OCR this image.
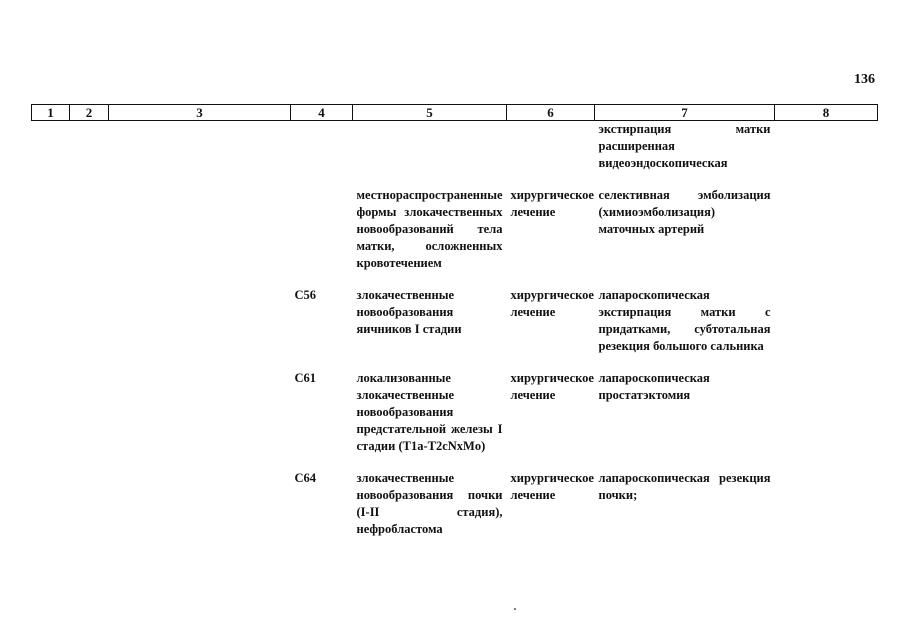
136
1	2	3	4	5	6	7	8
						экстирпация матки расширенная видеоэндоскопическая	

				местнораспространенные формы злокачественных новообразований тела матки, осложненных кровотечением	хирургическое лечение	селективная эмболизация (химиоэмболизация) маточных артерий	

			C56	злокачественные новообразования яичников I стадии	хирургическое лечение	лапароскопическая экстирпация матки с придатками, субтотальная резекция большого сальника	

			C61	локализованные злокачественные новообразования предстательной железы I стадии (T1a-T2cNxMo)	хирургическое лечение	лапароскопическая простатэктомия	

			C64	злокачественные новообразования почки (I-II стадия), нефробластома	хирургическое лечение	лапароскопическая резекция почки;	
